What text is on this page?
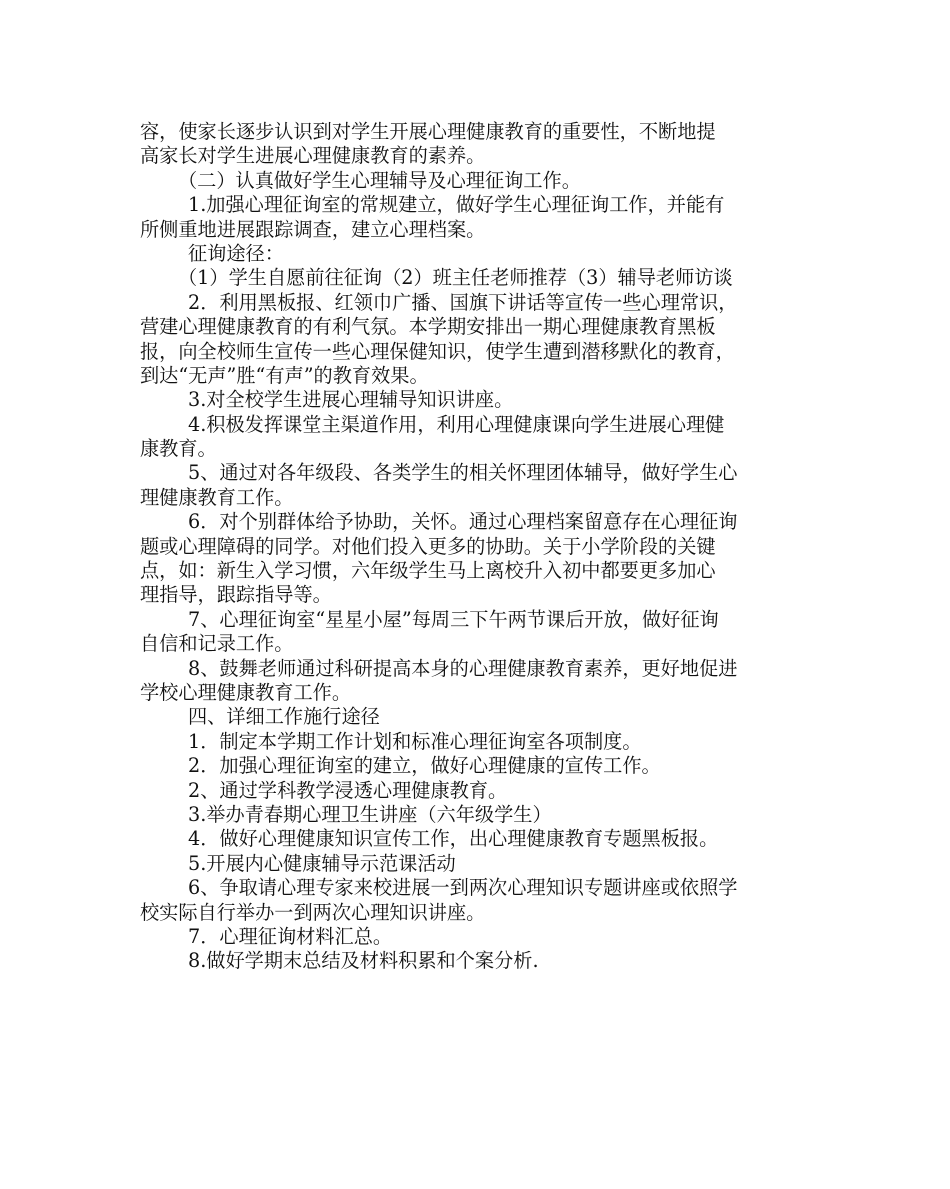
容，使家长逐步认识到对学生开展心理健康教育的重要性，不断地提

高家长对学生进展心理健康教育的素养。

（二）认真做好学生心理辅导及心理征询工作。

1.加强心理征询室的常规建立，做好学生心理征询工作，并能有

所侧重地进展跟踪调查，建立心理档案。

征询途径：

（1）学生自愿前往征询（2）班主任老师推荐（3）辅导老师访谈

2．利用黑板报、红领巾广播、国旗下讲话等宣传一些心理常识，

营建心理健康教育的有利气氛。本学期安排出一期心理健康教育黑板

报，向全校师生宣传一些心理保健知识，使学生遭到潜移默化的教育，

到达“无声”胜“有声”的教育效果。

3.对全校学生进展心理辅导知识讲座。

4.积极发挥课堂主渠道作用，利用心理健康课向学生进展心理健

康教育。

5、通过对各年级段、各类学生的相关怀理团体辅导，做好学生心

理健康教育工作。

6．对个别群体给予协助，关怀。通过心理档案留意存在心理征询

题或心理障碍的同学。对他们投入更多的协助。关于小学阶段的关键

点，如：新生入学习惯，六年级学生马上离校升入初中都要更多加心

理指导，跟踪指导等。

7、心理征询室“星星小屋”每周三下午两节课后开放，做好征询

自信和记录工作。

8、鼓舞老师通过科研提高本身的心理健康教育素养，更好地促进

学校心理健康教育工作。

四、详细工作施行途径

1．制定本学期工作计划和标准心理征询室各项制度。

2．加强心理征询室的建立，做好心理健康的宣传工作。

2、通过学科教学浸透心理健康教育。

3.举办青春期心理卫生讲座（六年级学生）

4．做好心理健康知识宣传工作，出心理健康教育专题黑板报。

5.开展内心健康辅导示范课活动

6、争取请心理专家来校进展一到两次心理知识专题讲座或依照学

校实际自行举办一到两次心理知识讲座。

7．心理征询材料汇总。

8.做好学期末总结及材料积累和个案分析.
